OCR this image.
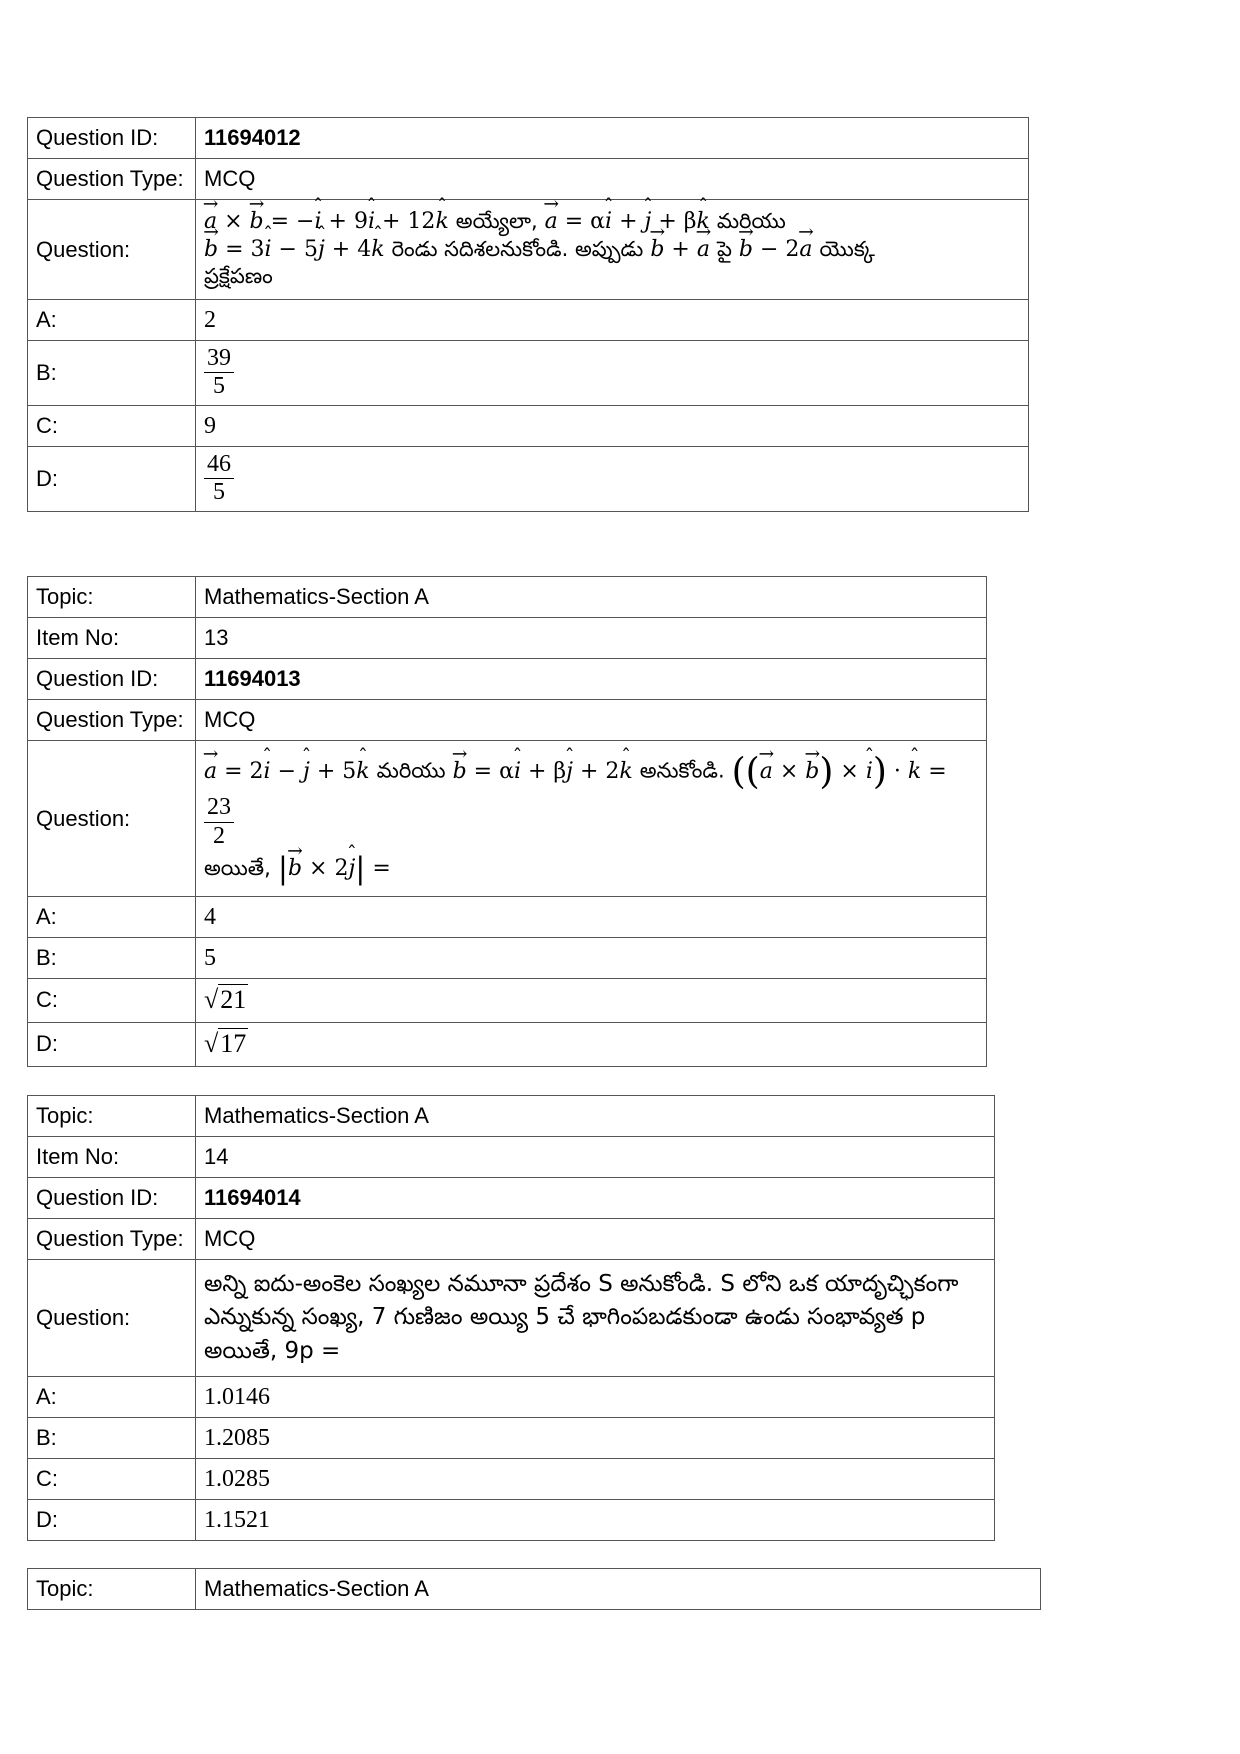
Question ID:	11694012
Question Type:	MCQ
Question:	→ a × → b = −ˆ i + 9ˆ i + 12ˆ k అయ్యేలా, → a = αˆ i + ˆ j + βˆ k మరియు
→ b = 3ˆ i − 5ˆ j + 4ˆ k రెండు సదిశలనుకోండి. అప్పుడు → b + → a పై → b − 2→ a యొక్క
ప్రక్షేపణం
A:	2
B:	$\frac{39}{5}$

C:	9
D:	$\frac{46}{5}$
Topic:	Mathematics-Section A
Item No:	13
Question ID:	11694013
Question Type:	MCQ
Question:	→ a = 2ˆ i − ˆ j + 5ˆ k మరియు → b = αˆ i + βˆ j + 2ˆ k అనుకోండి. ((→ a × → b) × ˆ i) · ˆ k =
$\frac{23}{2}$

అయితే, |→ b × 2ˆ j| =
A:	4
B:	5
C:	√21
D:	√17
Topic:	Mathematics-Section A
Item No:	14
Question ID:	11694014
Question Type:	MCQ
Question:	అన్ని ఐదు-అంకెల సంఖ్యల నమూనా ప్రదేశం S అనుకోండి. S లోని ఒక యాదృచ్ఛికంగా ఎన్నుకున్న సంఖ్య, 7 గుణిజం అయ్యి 5 చే భాగింపబడకుండా ఉండు సంభావ్యత p అయితే, 9p =
A:	1.0146
B:	1.2085
C:	1.0285
D:	1.1521
Topic:	Mathematics-Section A
